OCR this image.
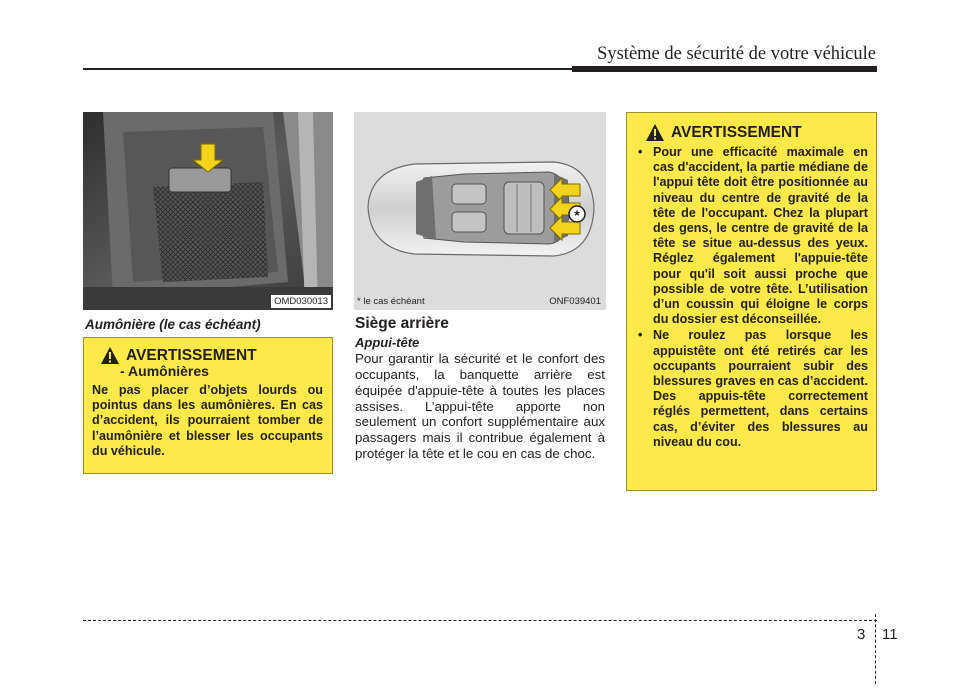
Système de sécurité de votre véhicule
OMD030013
Aumônière (le cas échéant)
AVERTISSEMENT
- Aumônières
Ne pas placer d’objets lourds ou pointus dans les aumônières. En cas d’accident, ils pourraient tomber de l’aumônière et blesser les occupants du véhicule.
*
* le cas échéant	ONF039401
Siège arrière
Appui-tête
Pour garantir la sécurité et le confort des occupants, la banquette arrière est équipée d'appuie-tête à toutes les places assises. L’appui-tête apporte non seulement un confort supplémentaire aux passagers mais il contribue également à protéger la tête et le cou en cas de choc.
AVERTISSEMENT
• Pour une efficacité maximale en cas d'accident, la partie médiane de l'appui tête doit être positionnée au niveau du centre de gravité de la tête de l'occupant. Chez la plupart des gens, le centre de gravité de la tête se situe au-dessus des yeux. Réglez également l'appuie-tête pour qu'il soit aussi proche que possible de votre tête. L’utilisation d’un coussin qui éloigne le corps du dossier est déconseillée.
• Ne roulez pas lorsque les appuistête ont été retirés car les occupants pourraient subir des blessures graves en cas d’accident. Des appuis-tête correctement réglés permettent, dans certains cas, d’éviter des blessures au niveau du cou.
3 11
